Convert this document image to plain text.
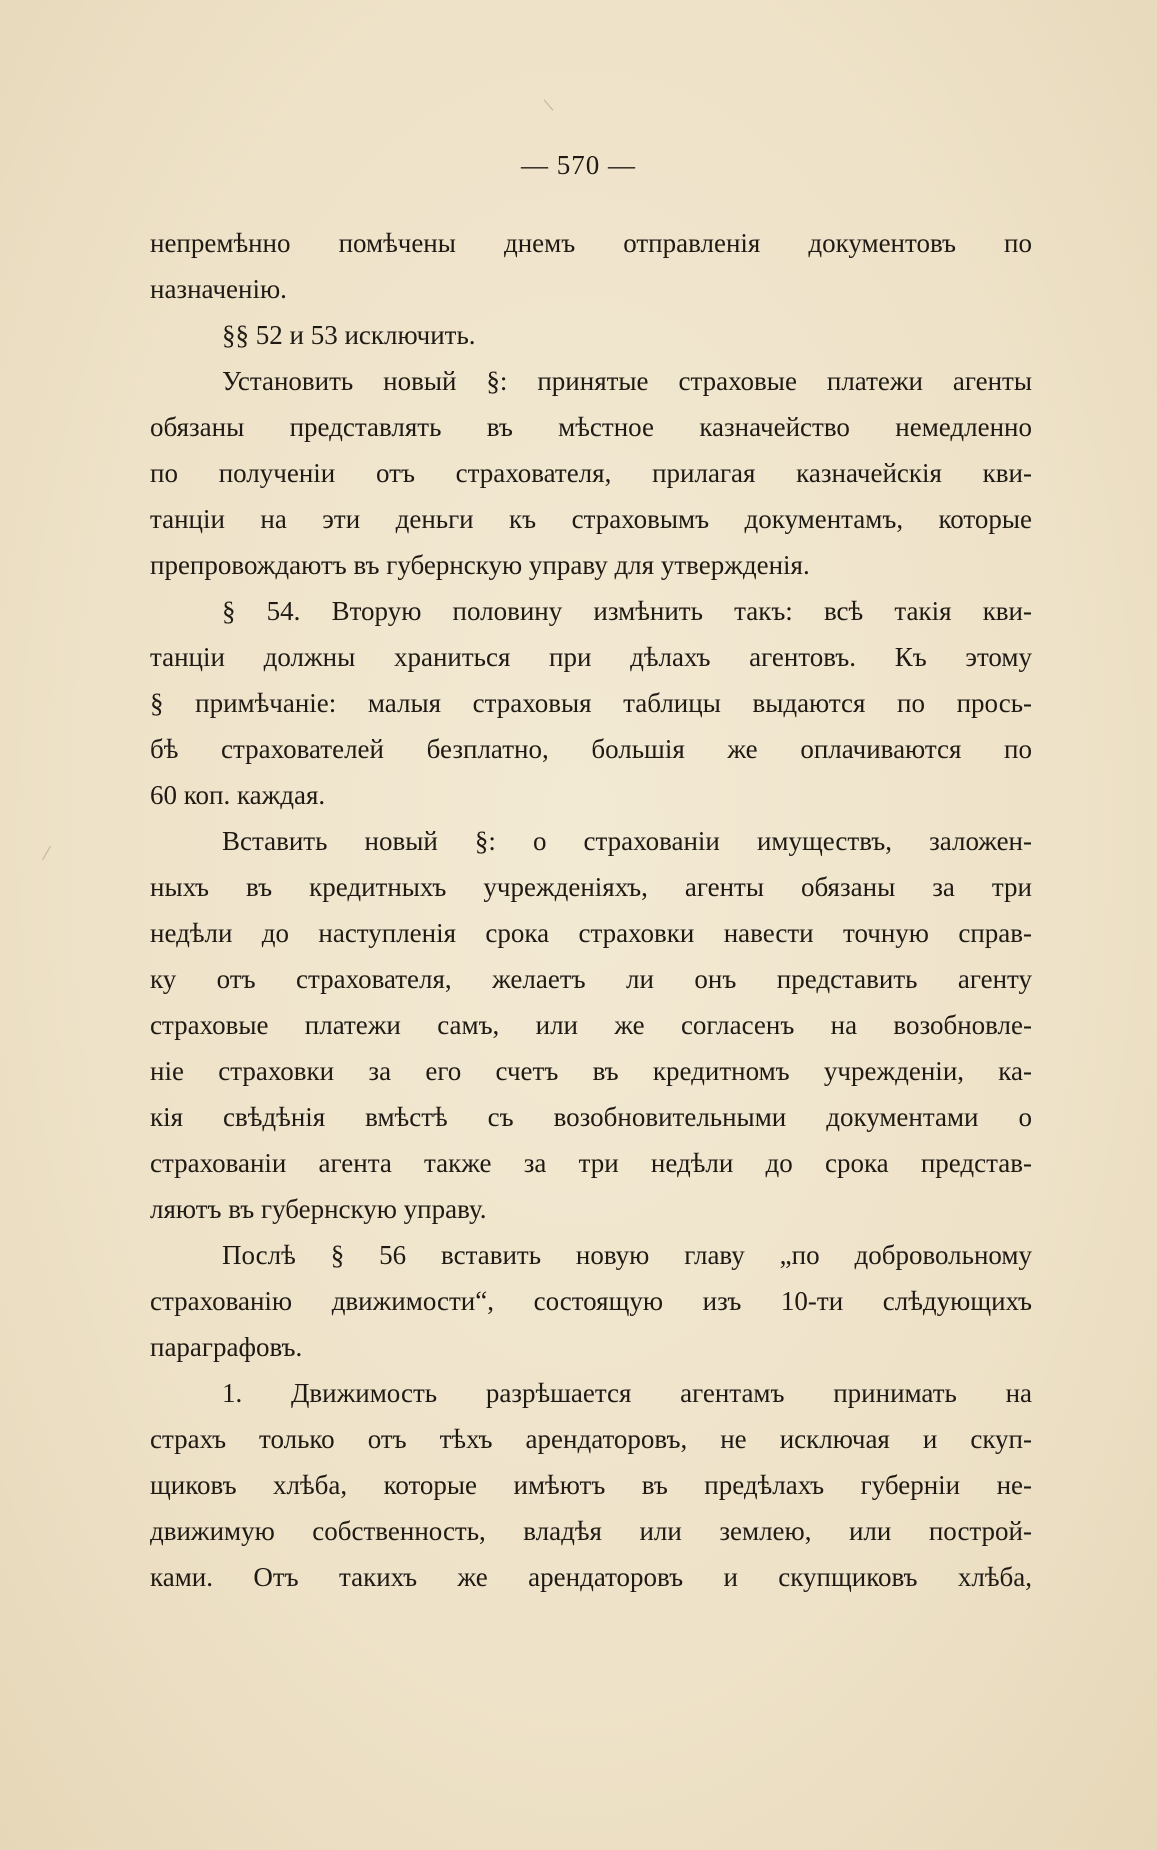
— 570 —
непремѣнно помѣчены днемъ отправленія документовъ по
назначенію.
§§ 52 и 53 исключить.
Установить новый §: принятые страховые платежи агенты
обязаны представлять въ мѣстное казначейство немедленно
по полученіи отъ страхователя, прилагая казначейскія кви-
танціи на эти деньги къ страховымъ документамъ, которые
препровождаютъ въ губернскую управу для утвержденія.
§ 54. Вторую половину измѣнить такъ: всѣ такія кви-
танціи должны храниться при дѣлахъ агентовъ. Къ этому
§ примѣчаніе: малыя страховыя таблицы выдаются по прось-
бѣ страхователей безплатно, большія же оплачиваются по
60 коп. каждая.
Вставить новый §: о страхованіи имуществъ, заложен-
ныхъ въ кредитныхъ учрежденіяхъ, агенты обязаны за три
недѣли до наступленія срока страховки навести точную справ-
ку отъ страхователя, желаетъ ли онъ представить агенту
страховые платежи самъ, или же согласенъ на возобновле-
ніе страховки за его счетъ въ кредитномъ учрежденіи, ка-
кія свѣдѣнія вмѣстѣ съ возобновительными документами о
страхованіи агента также за три недѣли до срока представ-
ляютъ въ губернскую управу.
Послѣ § 56 вставить новую главу „по добровольному
страхованію движимости“, состоящую изъ 10-ти слѣдующихъ
параграфовъ.
1. Движимость разрѣшается агентамъ принимать на
страхъ только отъ тѣхъ арендаторовъ, не исключая и скуп-
щиковъ хлѣба, которые имѣютъ въ предѣлахъ губерніи не-
движимую собственность, владѣя или землею, или построй-
ками. Отъ такихъ же арендаторовъ и скупщиковъ хлѣба,
